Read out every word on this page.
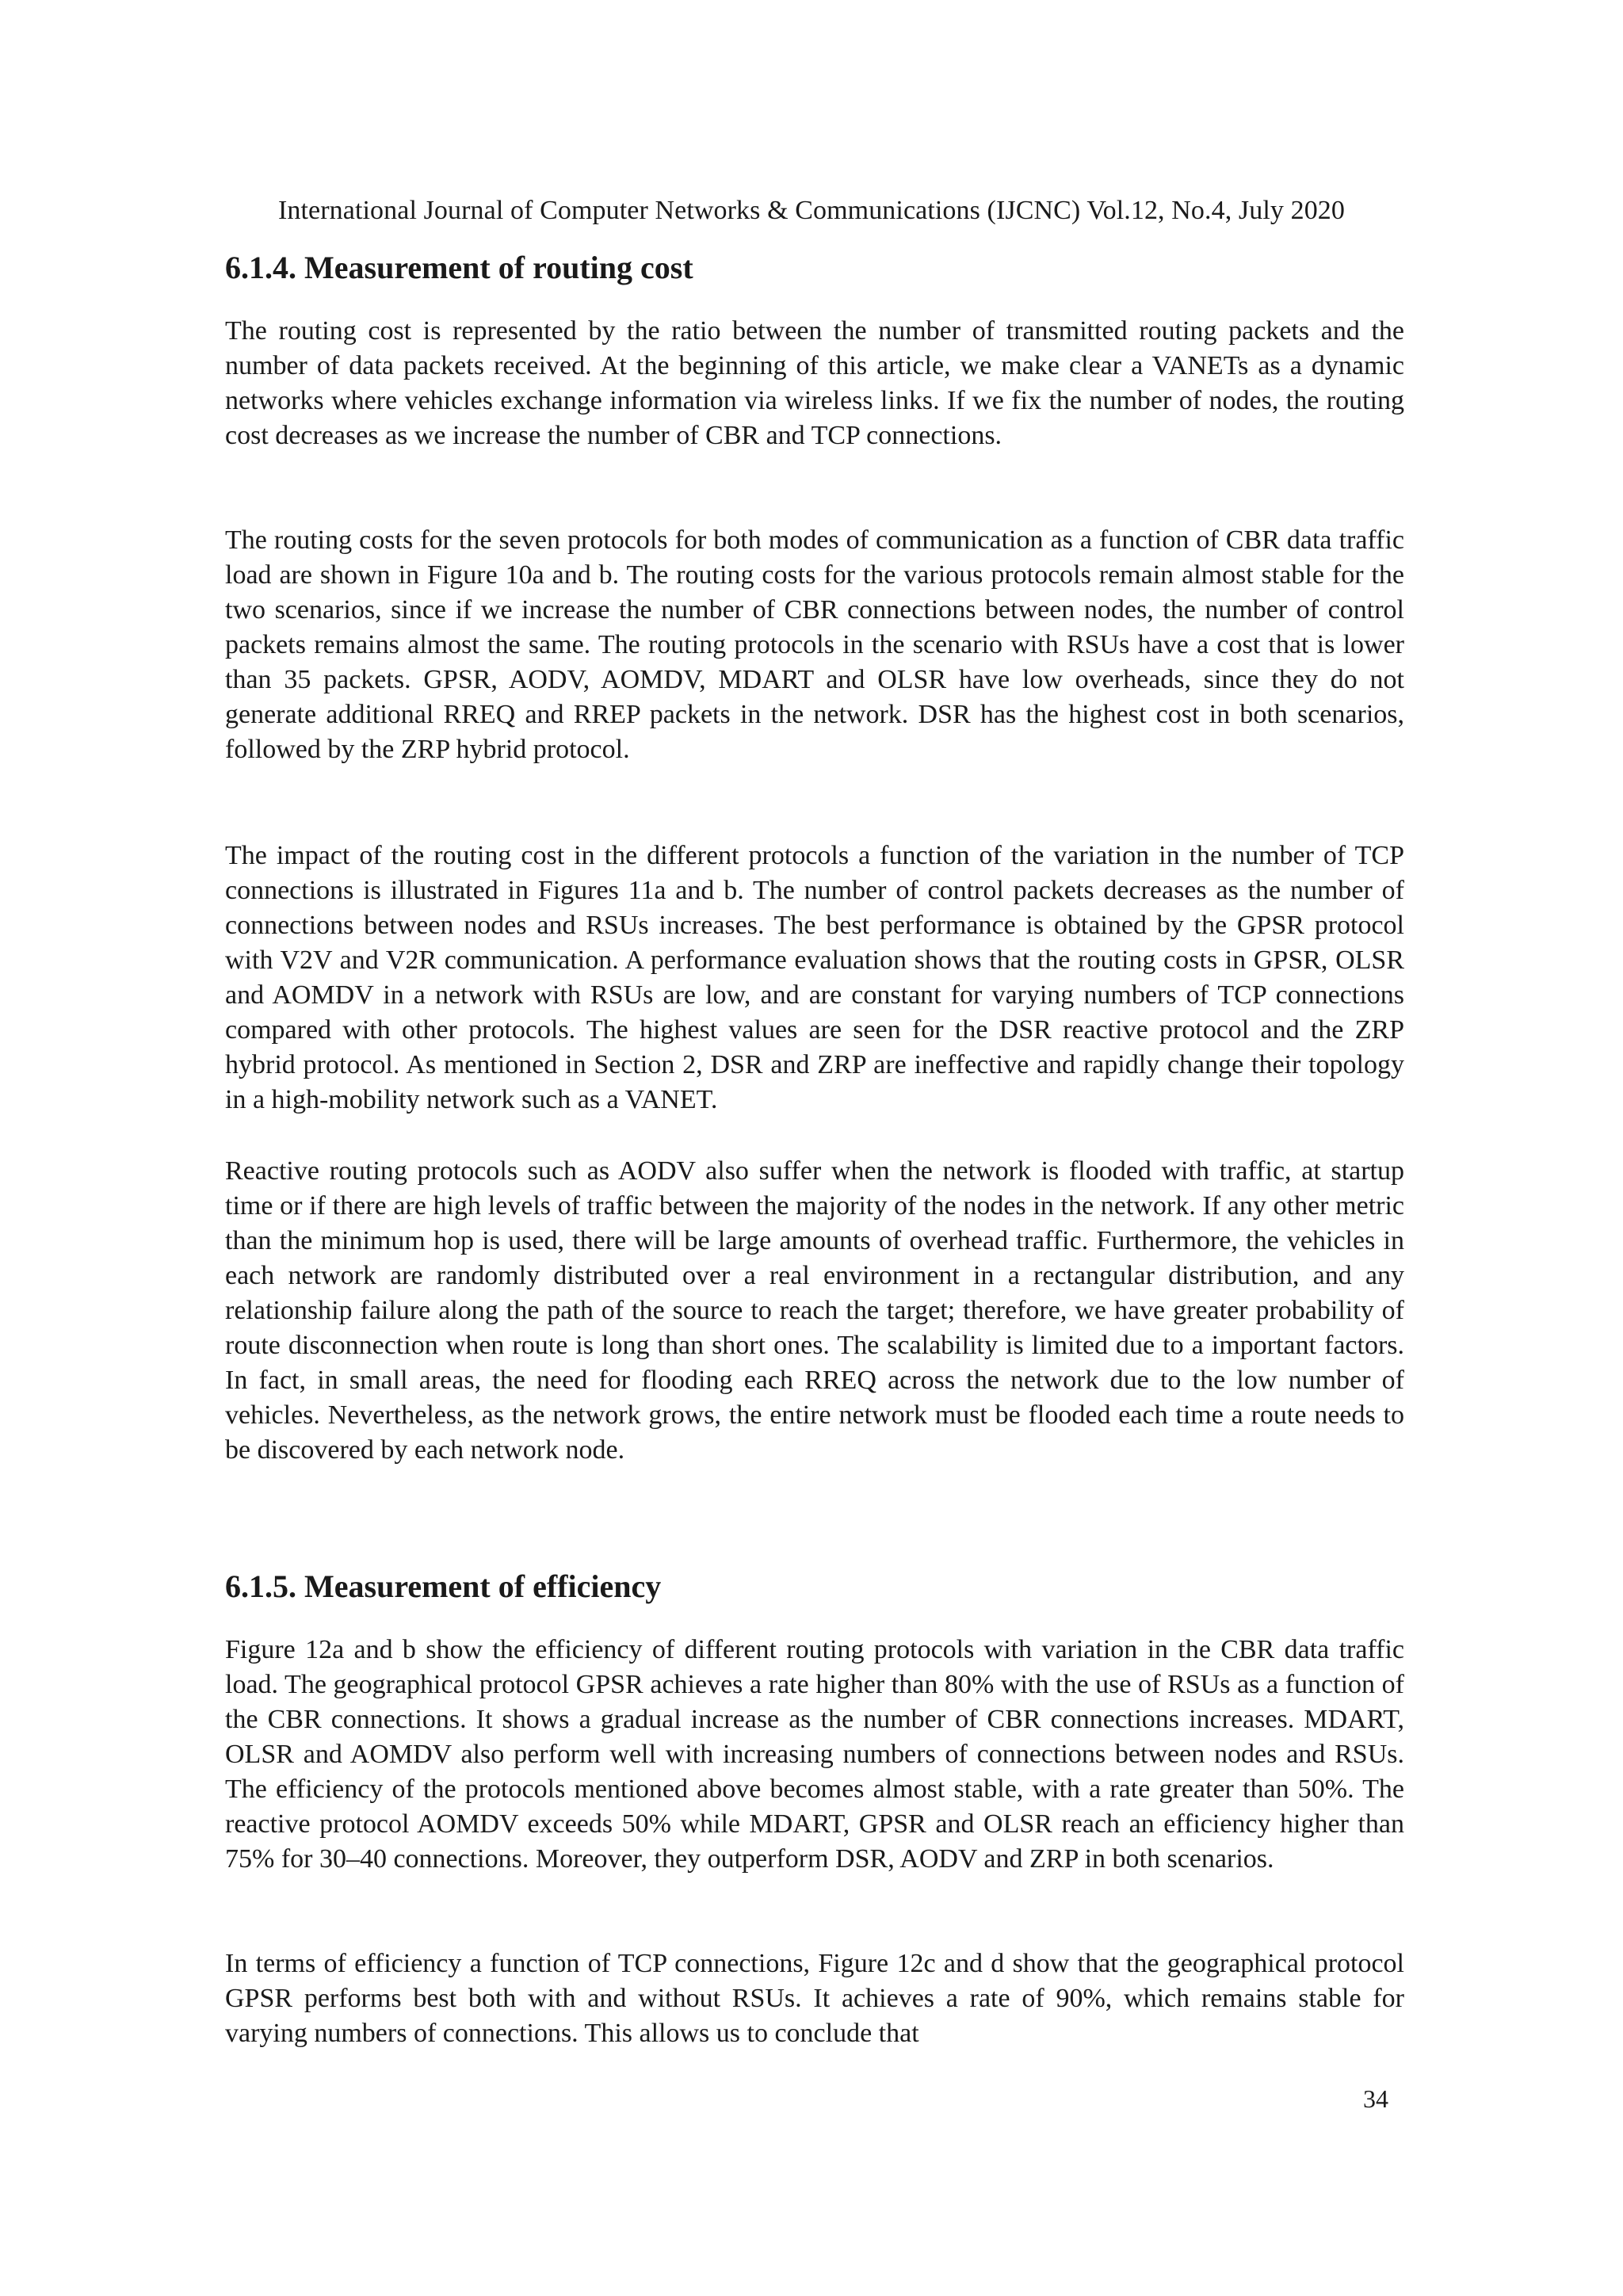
International Journal of Computer Networks & Communications (IJCNC) Vol.12, No.4, July 2020
6.1.4. Measurement of routing cost

The routing cost is represented by the ratio between the number of transmitted routing packets and the number of data packets received. At the beginning of this article, we make clear a VANETs as a dynamic networks where vehicles exchange information via wireless links. If we fix the number of nodes, the routing cost decreases as we increase the number of CBR and TCP connections.

The routing costs for the seven protocols for both modes of communication as a function of CBR data traffic load are shown in Figure 10a and b. The routing costs for the various protocols remain almost stable for the two scenarios, since if we increase the number of CBR connections between nodes, the number of control packets remains almost the same. The routing protocols in the scenario with RSUs have a cost that is lower than 35 packets. GPSR, AODV, AOMDV, MDART and OLSR have low overheads, since they do not generate additional RREQ and RREP packets in the network. DSR has the highest cost in both scenarios, followed by the ZRP hybrid protocol.

The impact of the routing cost in the different protocols a function of the variation in the number of TCP connections is illustrated in Figures 11a and b. The number of control packets decreases as the number of connections between nodes and RSUs increases. The best performance is obtained by the GPSR protocol with V2V and V2R communication. A performance evaluation shows that the routing costs in GPSR, OLSR and AOMDV in a network with RSUs are low, and are constant for varying numbers of TCP connections compared with other protocols. The highest values are seen for the DSR reactive protocol and the ZRP hybrid protocol. As mentioned in Section 2, DSR and ZRP are ineffective and rapidly change their topology in a high-mobility network such as a VANET.

Reactive routing protocols such as AODV also suffer when the network is flooded with traffic, at startup time or if there are high levels of traffic between the majority of the nodes in the network. If any other metric than the minimum hop is used, there will be large amounts of overhead traffic. Furthermore, the vehicles in each network are randomly distributed over a real environment in a rectangular distribution, and any relationship failure along the path of the source to reach the target; therefore, we have greater probability of route disconnection when route is long than short ones. The scalability is limited due to a important factors. In fact, in small areas, the need for flooding each RREQ across the network due to the low number of vehicles. Nevertheless, as the network grows, the entire network must be flooded each time a route needs to be discovered by each network node.

6.1.5. Measurement of efficiency

Figure 12a and b show the efficiency of different routing protocols with variation in the CBR data traffic load. The geographical protocol GPSR achieves a rate higher than 80% with the use of RSUs as a function of the CBR connections. It shows a gradual increase as the number of CBR connections increases. MDART, OLSR and AOMDV also perform well with increasing numbers of connections between nodes and RSUs. The efficiency of the protocols mentioned above becomes almost stable, with a rate greater than 50%. The reactive protocol AOMDV exceeds 50% while MDART, GPSR and OLSR reach an efficiency higher than 75% for 30–40 connections. Moreover, they outperform DSR, AODV and ZRP in both scenarios.

In terms of efficiency a function of TCP connections, Figure 12c and d show that the geographical protocol GPSR performs best both with and without RSUs. It achieves a rate of 90%, which remains stable for varying numbers of connections. This allows us to conclude that

34
